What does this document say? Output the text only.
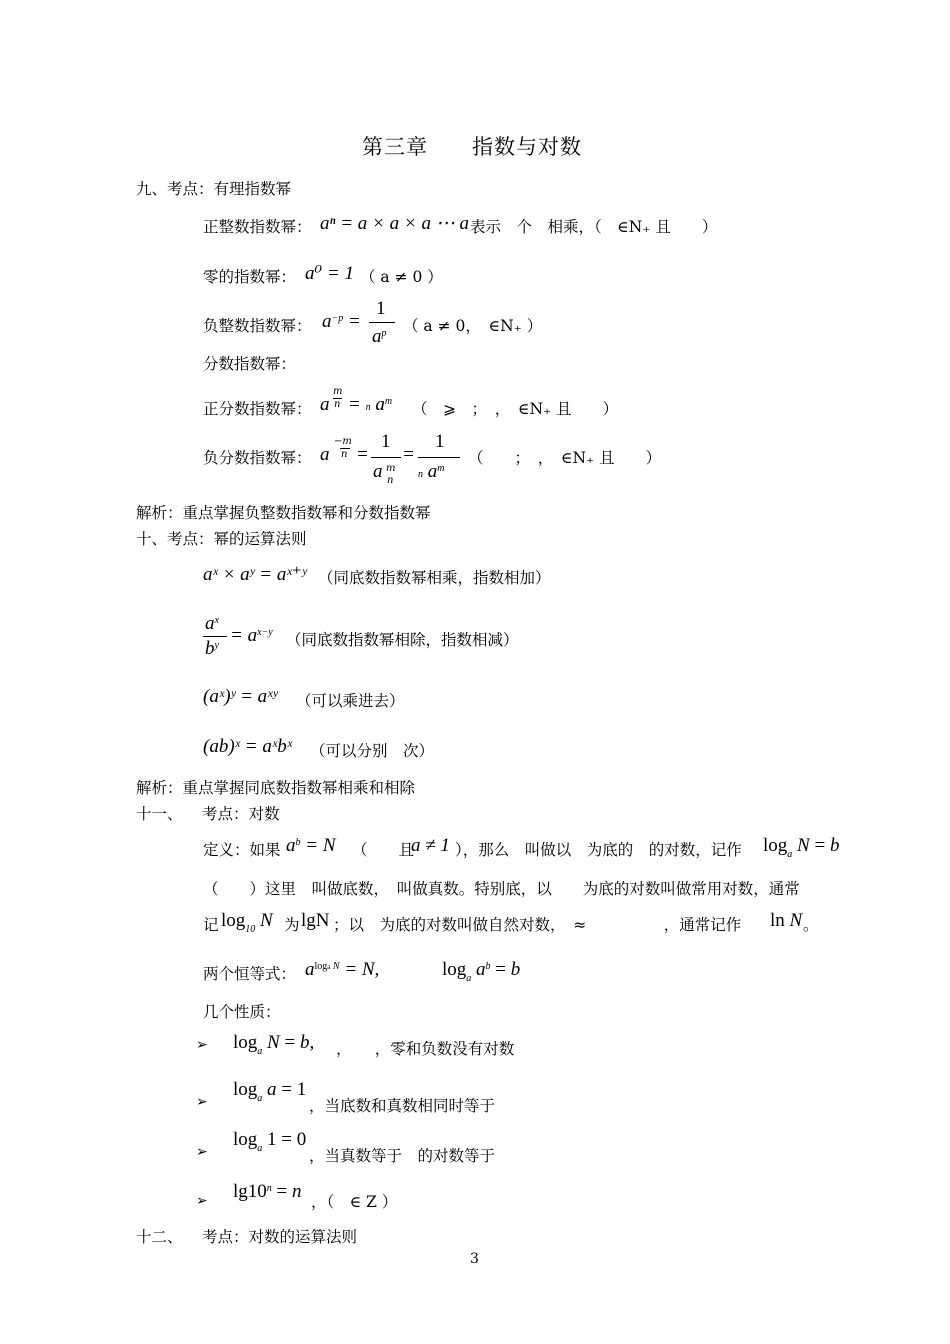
第三章　　指数与对数
九、考点：有理指数幂
正整数指数幂： aⁿ = a × a × a ⋯ a 表示　个　相乘，（　∈N₊ 且　　）
零的指数幂： a⁰ = 1 （ a ≠ 0 ）
负整数指数幂： $a^{-p}$ =
1
$a^p$ （ a ≠ 0，　∈N₊ ）
分数指数幂：
正分数指数幂： a
m
n = n $a^m$ （　⩾　；　，　∈N₊ 且　　）
负分数指数幂： a
−m
n =
1
a m
n
=
1
n $a^m$
（　　；　，　∈N₊ 且　　）
解析：重点掌握负整数指数幂和分数指数幂
十、考点：幂的运算法则
aˣ × aʸ = aˣ⁺ʸ （同底数指数幂相乘，指数相加）
$a^x$
$b^y = a^{x-y}$ （同底数指数幂相除，指数相减）
(aˣ)ʸ = aˣʸ （可以乘进去）
(ab)ˣ = aˣbˣ （可以分别　次）
解析：重点掌握同底数指数幂相乘和相除
十一、 考点：对数
定义：如果 $a^b = N$ （　　且
a ≠ 1 ），那么　叫做以　为底的　的对数，记作 $\log_a N = b$
（　　）这里　叫做底数，　叫做真数。特别底，以　　为底的对数叫做常用对数，通常
记 $\log_{10} N$ 为 lgN ；以　为底的对数叫做自然对数，　≈　　　　　，通常记作 ln N 。
两个恒等式： $a^{loga N} = N$,	$\log_a a^b = b$
几个性质：
➢ $\log_a N = b$, ，　　，零和负数没有对数
➢
$\log_a a = 1$
，当底数和真数相同时等于
➢
$\log_a 1 = 0$
，当真数等于　的对数等于
➢ $\lg 10^n = n$ ，（　∈ Z ）
十二、 考点：对数的运算法则
3
